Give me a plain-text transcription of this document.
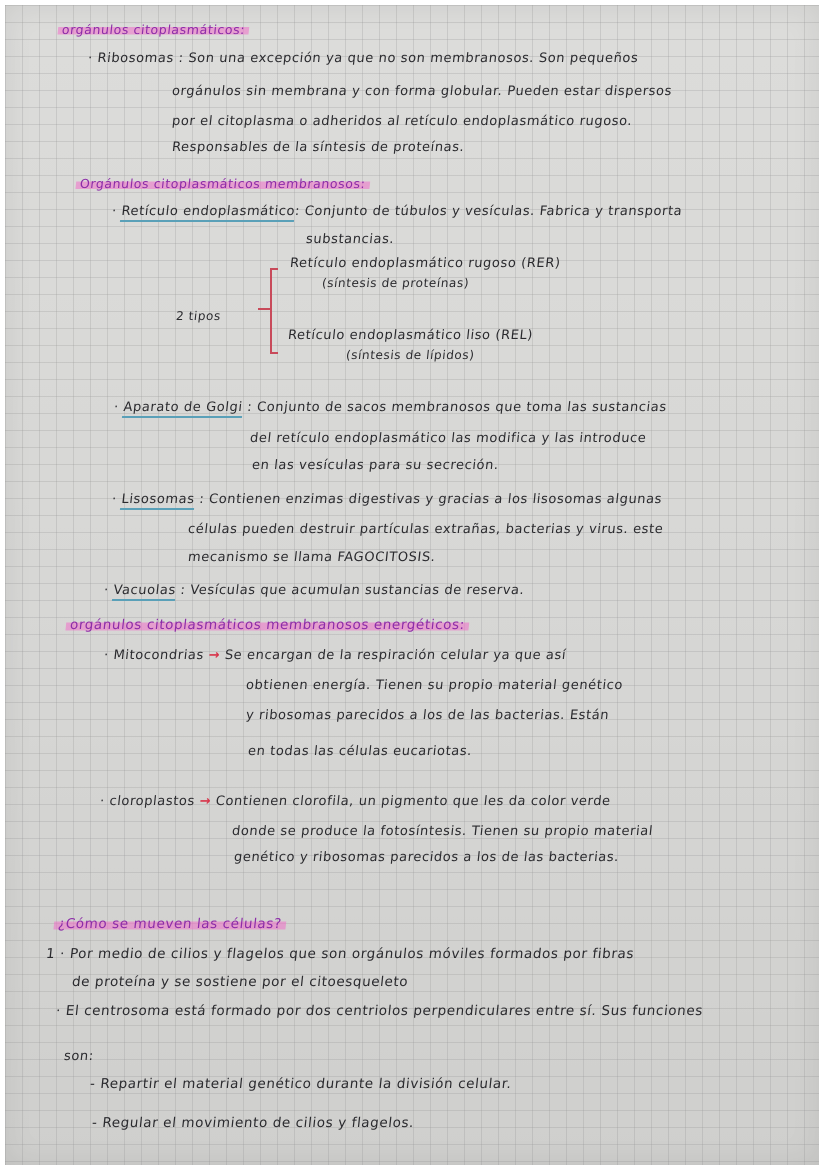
orgánulos citoplasmáticos:
· Ribosomas : Son una excepción ya que no son membranosos. Son pequeños
orgánulos sin membrana y con forma globular. Pueden estar dispersos
por el citoplasma o adheridos al retículo endoplasmático rugoso.
Responsables de la síntesis de proteínas.
Orgánulos citoplasmáticos membranosos:
· Retículo endoplasmático: Conjunto de túbulos y vesículas. Fabrica y transporta
substancias.
2 tipos
Retículo endoplasmático rugoso (RER)
(síntesis de proteínas)
Retículo endoplasmático liso (REL)
(síntesis de lípidos)
· Aparato de Golgi : Conjunto de sacos membranosos que toma las sustancias
del retículo endoplasmático las modifica y las introduce
en las vesículas para su secreción.
· Lisosomas : Contienen enzimas digestivas y gracias a los lisosomas algunas
células pueden destruir partículas extrañas, bacterias y virus. este
mecanismo se llama FAGOCITOSIS.
· Vacuolas : Vesículas que acumulan sustancias de reserva.
orgánulos citoplasmáticos membranosos energéticos:
· Mitocondrias → Se encargan de la respiración celular ya que así
obtienen energía. Tienen su propio material genético
y ribosomas parecidos a los de las bacterias. Están
en todas las células eucariotas.
· cloroplastos → Contienen clorofila, un pigmento que les da color verde
donde se produce la fotosíntesis. Tienen su propio material
genético y ribosomas parecidos a los de las bacterias.
¿Cómo se mueven las células?
1 · Por medio de cilios y flagelos que son orgánulos móviles formados por fibras
de proteína y se sostiene por el citoesqueleto
· El centrosoma está formado por dos centriolos perpendiculares entre sí. Sus funciones
son:
- Repartir el material genético durante la división celular.
- Regular el movimiento de cilios y flagelos.
